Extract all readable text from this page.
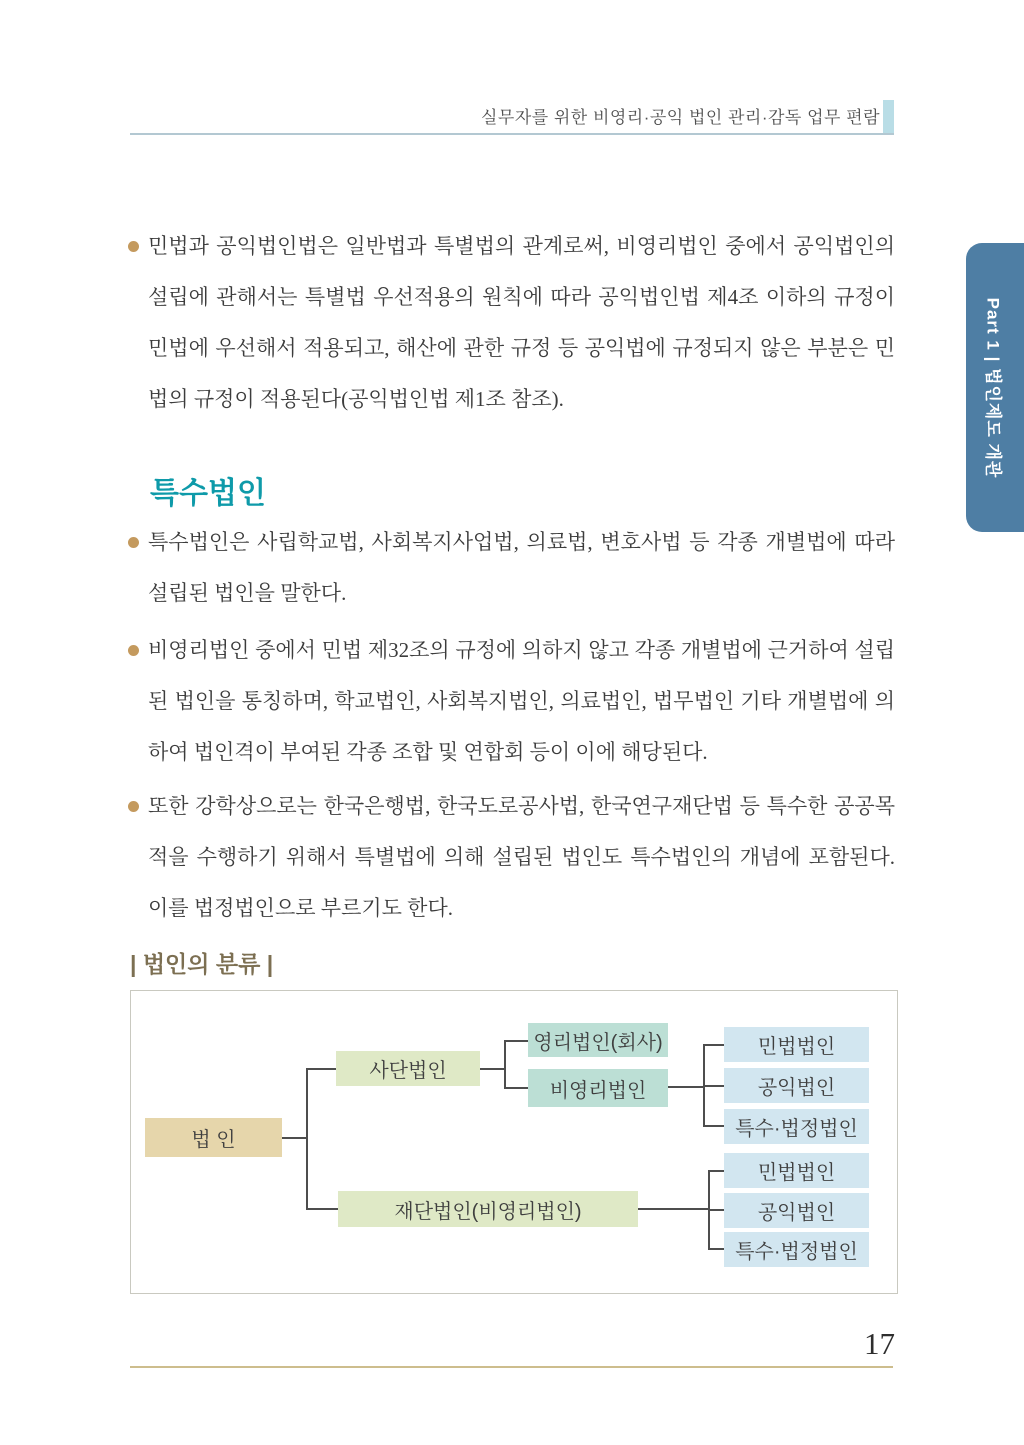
실무자를 위한 비영리·공익 법인 관리·감독 업무 편람
Part 1 | 법인제도 개관
민법과 공익법인법은 일반법과 특별법의 관계로써, 비영리법인 중에서 공익법인의 설립에 관해서는 특별법 우선적용의 원칙에 따라 공익법인법 제4조 이하의 규정이 민법에 우선해서 적용되고, 해산에 관한 규정 등 공익법에 규정되지 않은 부분은 민법의 규정이 적용된다(공익법인법 제1조 참조).
특수법인
특수법인은 사립학교법, 사회복지사업법, 의료법, 변호사법 등 각종 개별법에 따라 설립된 법인을 말한다.
비영리법인 중에서 민법 제32조의 규정에 의하지 않고 각종 개별법에 근거하여 설립된 법인을 통칭하며, 학교법인, 사회복지법인, 의료법인, 법무법인 기타 개별법에 의하여 법인격이 부여된 각종 조합 및 연합회 등이 이에 해당된다.
또한 강학상으로는 한국은행법, 한국도로공사법, 한국연구재단법 등 특수한 공공목적을 수행하기 위해서 특별법에 의해 설립된 법인도 특수법인의 개념에 포함된다. 이를 법정법인으로 부르기도 한다.
| 법인의 분류 |
법 인
사단법인
영리법인(회사)
비영리법인
민법법인
공익법인
특수·법정법인
재단법인(비영리법인)
민법법인
공익법인
특수·법정법인
17
